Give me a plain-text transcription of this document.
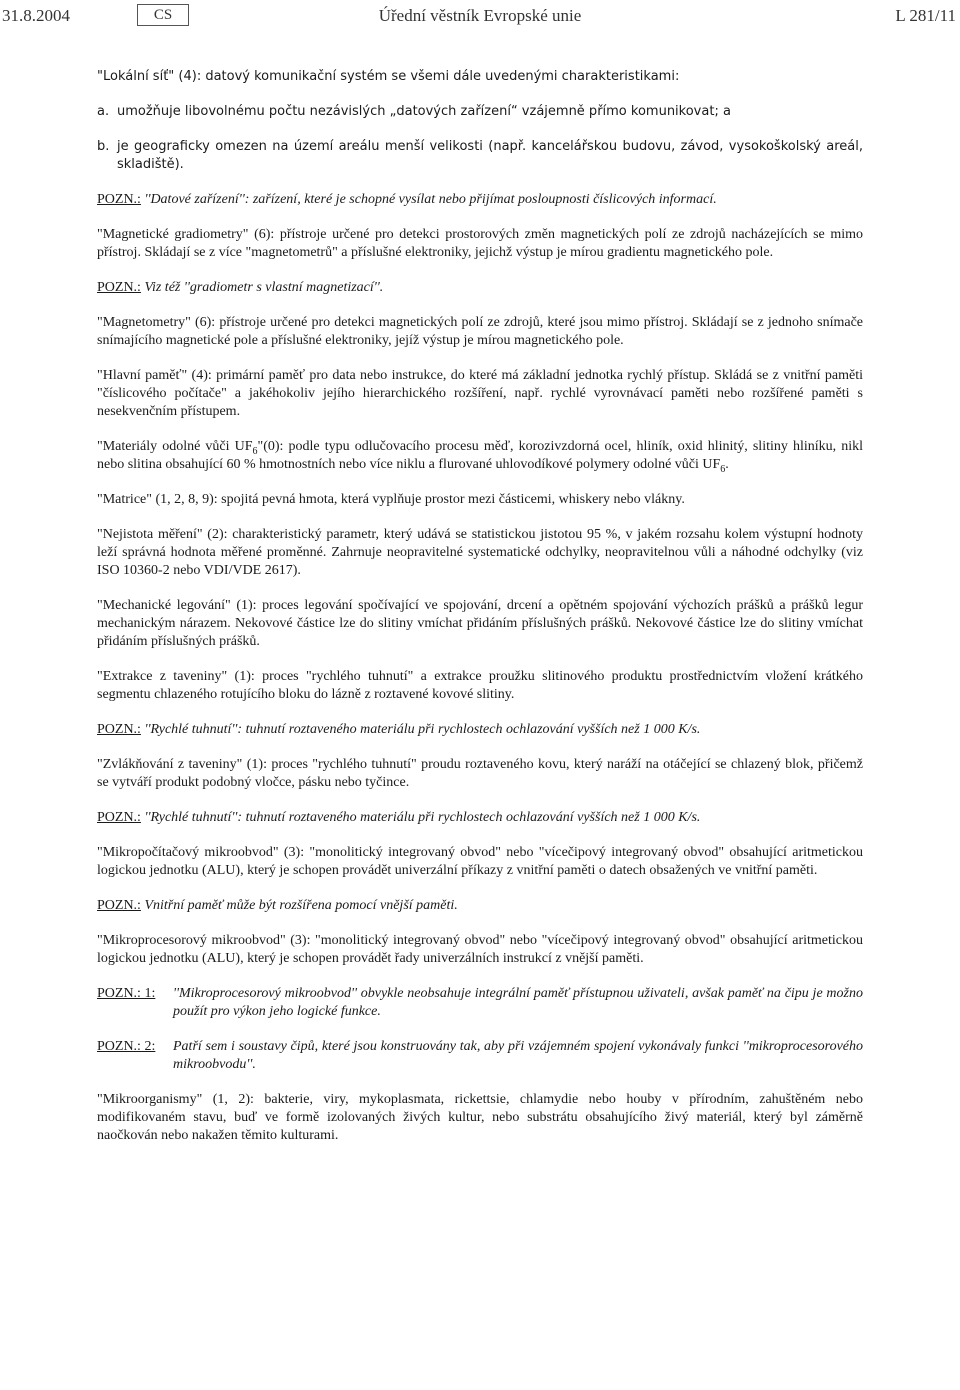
31.8.2004	CS	Úřední věstník Evropské unie	L 281/11

"Lokální síť" (4): datový komunikační systém se všemi dále uvedenými charakteristikami:

a. umožňuje libovolnému počtu nezávislých „datových zařízení“ vzájemně přímo komunikovat; a
b. je geograficky omezen na území areálu menší velikosti (např. kancelářskou budovu, závod, vysokoškolský areál, skladiště).

POZN.: ''Datové zařízení'': zařízení, které je schopné vysílat nebo přijímat posloupnosti číslicových informací.

"Magnetické gradiometry" (6): přístroje určené pro detekci prostorových změn magnetických polí ze zdrojů nacházejících se mimo přístroj. Skládají se z více "magnetometrů" a příslušné elektroniky, jejichž výstup je mírou gradientu magnetického pole.

POZN.: Viz též ''gradiometr s vlastní magnetizací''.

"Magnetometry" (6): přístroje určené pro detekci magnetických polí ze zdrojů, které jsou mimo přístroj. Skládají se z jednoho snímače snímajícího magnetické pole a příslušné elektroniky, jejíž výstup je mírou magnetického pole.

"Hlavní paměť" (4): primární paměť pro data nebo instrukce, do které má základní jednotka rychlý přístup. Skládá se z vnitřní paměti "číslicového počítače" a jakéhokoliv jejího hierarchického rozšíření, např. rychlé vyrovnávací paměti nebo rozšířené paměti s nesekvenčním přístupem.

"Materiály odolné vůči $UF_6"(0)$: podle typu odlučovacího procesu měď, korozivzdorná ocel, hliník, oxid hlinitý, slitiny hliníku, nikl nebo slitina obsahující 60 % hmotnostních nebo více niklu a flurované uhlovodíkové polymery odolné vůči $UF_6$.

"Matrice" (1, 2, 8, 9): spojitá pevná hmota, která vyplňuje prostor mezi částicemi, whiskery nebo vlákny.

"Nejistota měření" (2): charakteristický parametr, který udává se statistickou jistotou 95 %, v jakém rozsahu kolem výstupní hodnoty leží správná hodnota měřené proměnné. Zahrnuje neopravitelné systematické odchylky, neopravitelnou vůli a náhodné odchylky (viz ISO 10360-2 nebo VDI/VDE 2617).

"Mechanické legování" (1): proces legování spočívající ve spojování, drcení a opětném spojování výchozích prášků a prášků legur mechanickým nárazem. Nekovové částice lze do slitiny vmíchat přidáním příslušných prášků. Nekovové částice lze do slitiny vmíchat přidáním příslušných prášků.

"Extrakce z taveniny" (1): proces "rychlého tuhnutí" a extrakce proužku slitinového produktu prostřednictvím vložení krátkého segmentu chlazeného rotujícího bloku do lázně z roztavené kovové slitiny.

POZN.: ''Rychlé tuhnutí'': tuhnutí roztaveného materiálu při rychlostech ochlazování vyšších než 1 000 K/s.

"Zvlákňování z taveniny" (1): proces "rychlého tuhnutí" proudu roztaveného kovu, který naráží na otáčející se chlazený blok, přičemž se vytváří produkt podobný vločce, pásku nebo tyčince.

POZN.: ''Rychlé tuhnutí'': tuhnutí roztaveného materiálu při rychlostech ochlazování vyšších než 1 000 K/s.

"Mikropočítačový mikroobvod" (3): "monolitický integrovaný obvod" nebo "vícečipový integrovaný obvod" obsahující aritmetickou logickou jednotku (ALU), který je schopen provádět univerzální příkazy z vnitřní paměti o datech obsažených ve vnitřní paměti.

POZN.: Vnitřní paměť může být rozšířena pomocí vnější paměti.

"Mikroprocesorový mikroobvod" (3): "monolitický integrovaný obvod" nebo "vícečipový integrovaný obvod" obsahující aritmetickou logickou jednotku (ALU), který je schopen provádět řady univerzálních instrukcí z vnější paměti.

POZN.: 1: ''Mikroprocesorový mikroobvod'' obvykle neobsahuje integrální paměť přístupnou uživateli, avšak paměť na čipu je možno použít pro výkon jeho logické funkce.

POZN.: 2: Patří sem i soustavy čipů, které jsou konstruovány tak, aby při vzájemném spojení vykonávaly funkci ''mikroprocesorového mikroobvodu''.

"Mikroorganismy" (1, 2): bakterie, viry, mykoplasmata, rickettsie, chlamydie nebo houby v přírodním, zahuštěném nebo modifikovaném stavu, buď ve formě izolovaných živých kultur, nebo substrátu obsahujícího živý materiál, který byl záměrně naočkován nebo nakažen těmito kulturami.
